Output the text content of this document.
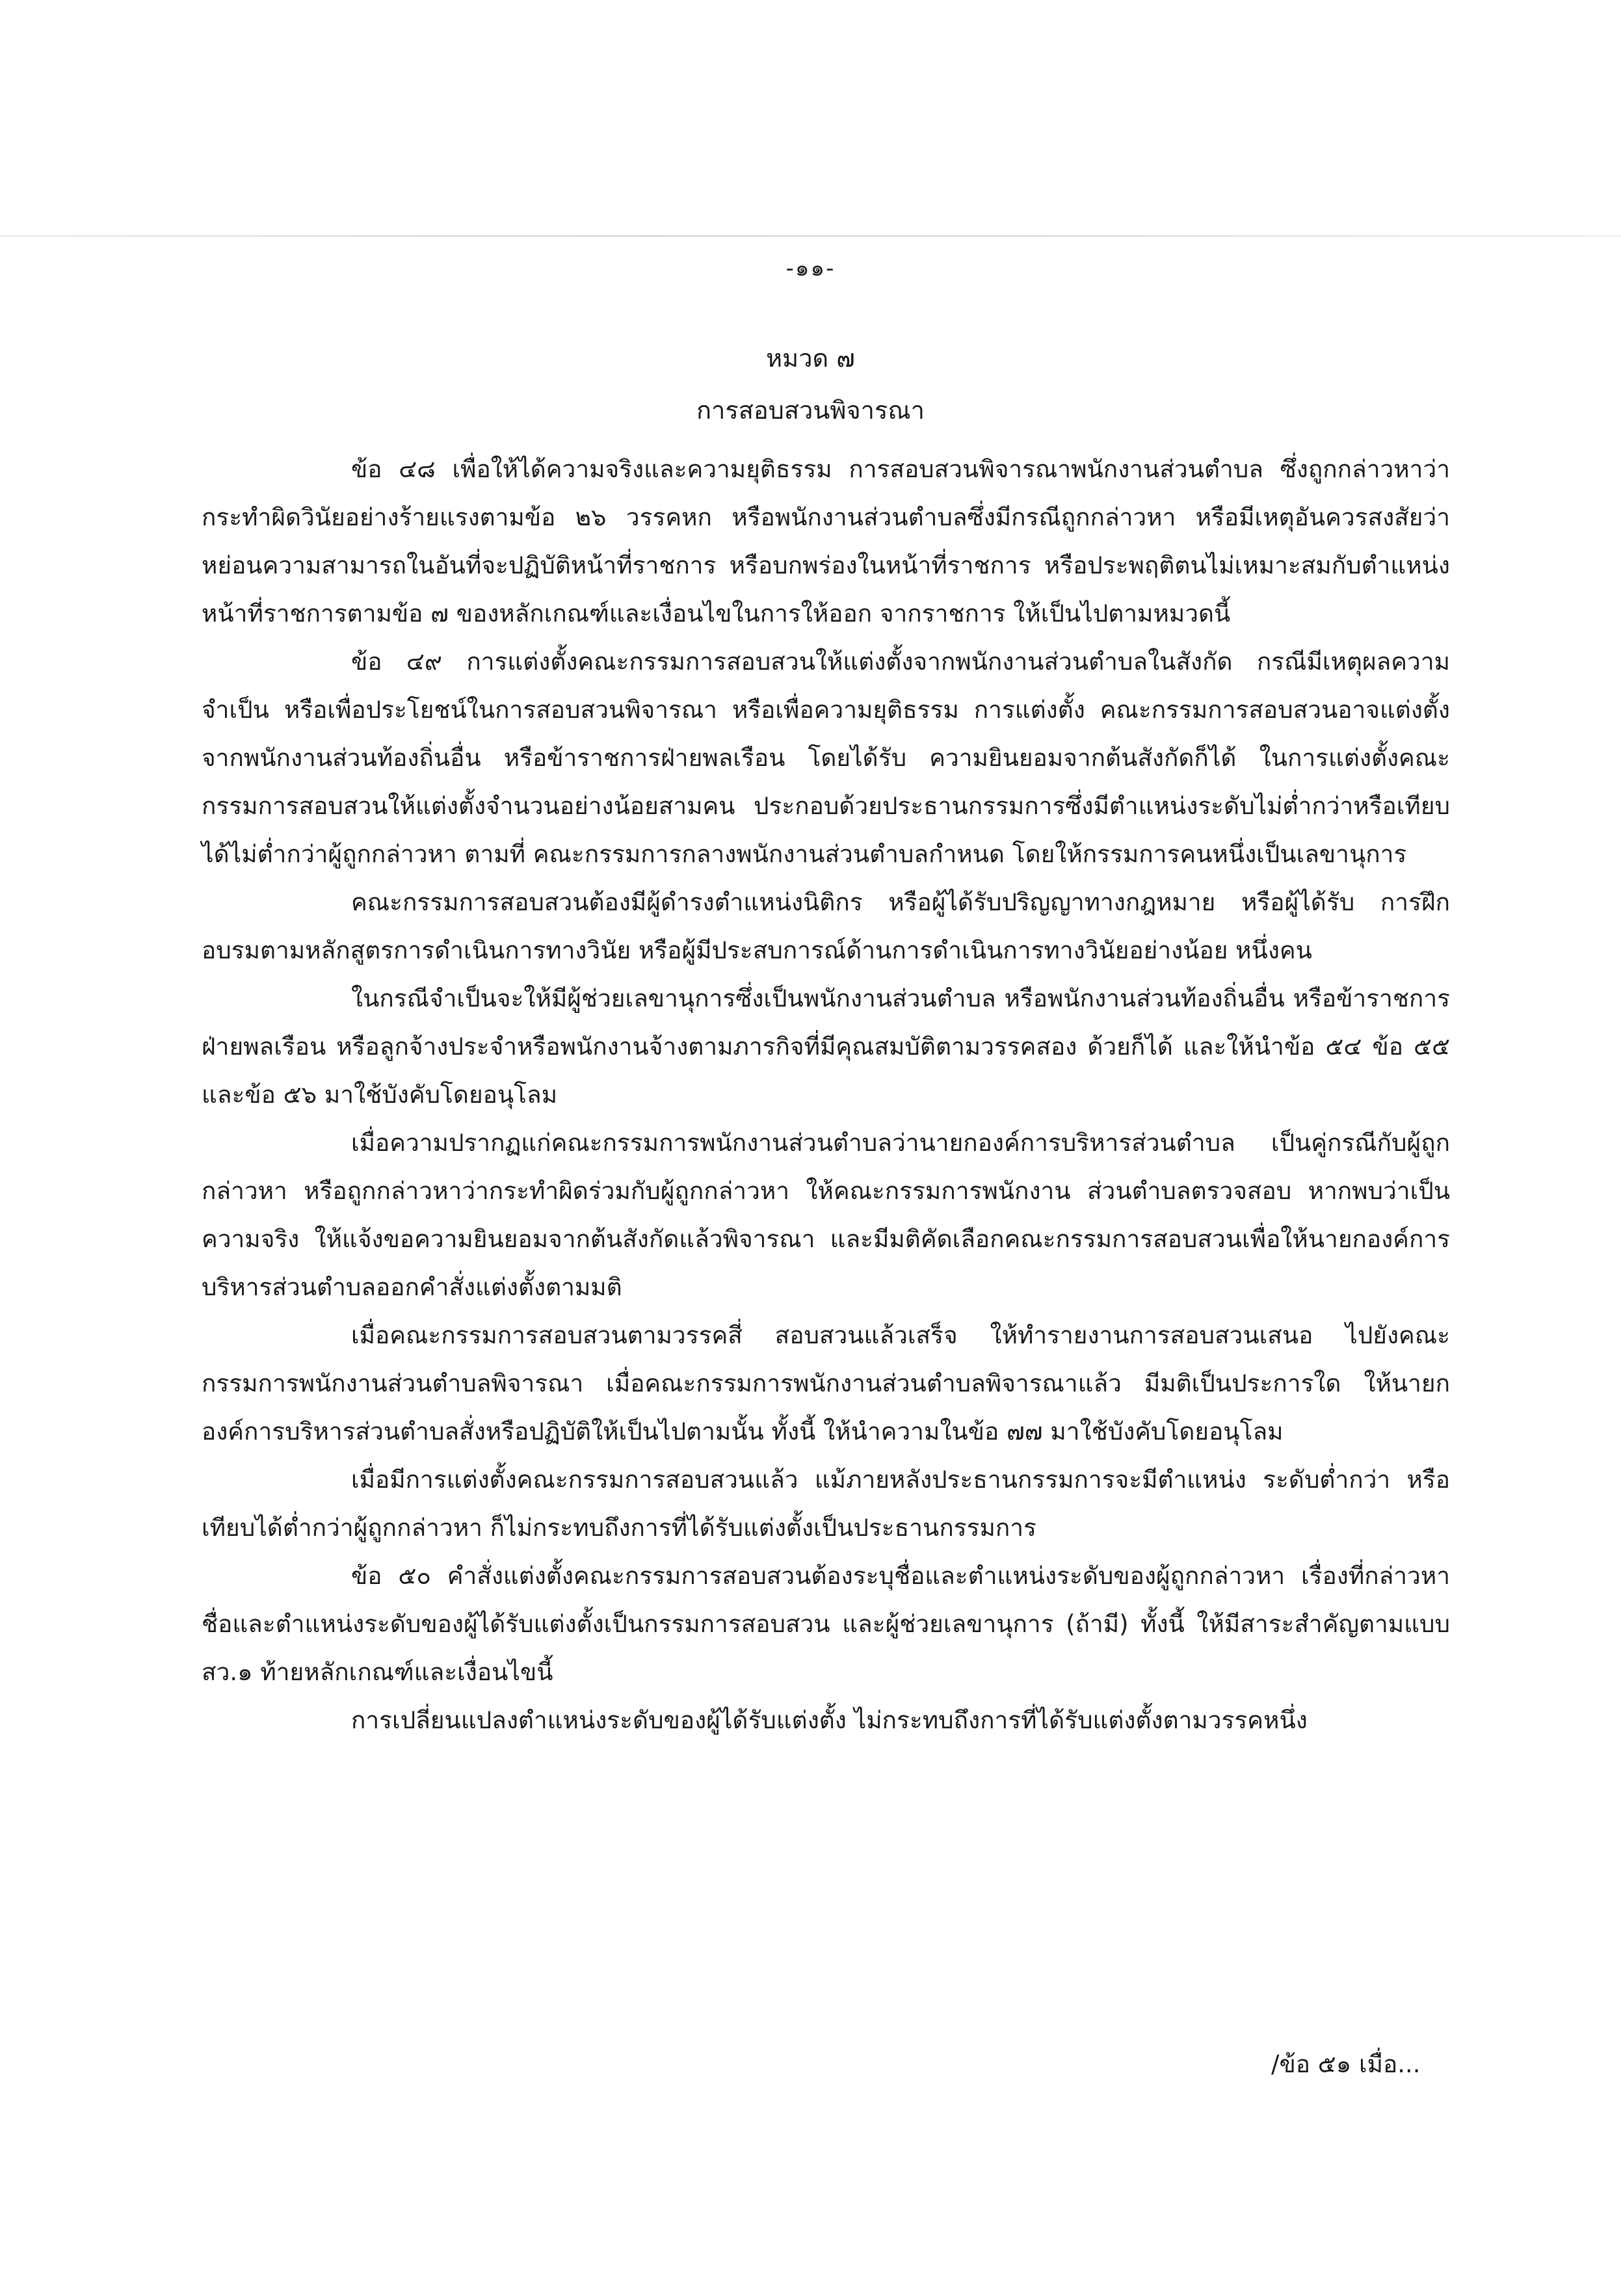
-๑๑-
หมวด ๗
การสอบสวนพิจารณา

ข้อ ๔๘ เพื่อให้ได้ความจริงและความยุติธรรม การสอบสวนพิจารณาพนักงานส่วนตำบล ซึ่งถูกกล่าวหาว่ากระทำผิดวินัยอย่างร้ายแรงตามข้อ ๒๖ วรรคหก หรือพนักงานส่วนตำบลซึ่งมีกรณีถูกกล่าวหา หรือมีเหตุอันควรสงสัยว่าหย่อนความสามารถในอันที่จะปฏิบัติหน้าที่ราชการ หรือบกพร่องในหน้าที่ราชการ หรือประพฤติตนไม่เหมาะสมกับตำแหน่งหน้าที่ราชการตามข้อ ๗ ของหลักเกณฑ์และเงื่อนไขในการให้ออก จากราชการ ให้เป็นไปตามหมวดนี้

ข้อ ๔๙ การแต่งตั้งคณะกรรมการสอบสวนให้แต่งตั้งจากพนักงานส่วนตำบลในสังกัด กรณีมีเหตุผลความจำเป็น หรือเพื่อประโยชน์ในการสอบสวนพิจารณา หรือเพื่อความยุติธรรม การแต่งตั้ง คณะกรรมการสอบสวนอาจแต่งตั้งจากพนักงานส่วนท้องถิ่นอื่น หรือข้าราชการฝ่ายพลเรือน โดยได้รับ ความยินยอมจากต้นสังกัดก็ได้ ในการแต่งตั้งคณะกรรมการสอบสวนให้แต่งตั้งจำนวนอย่างน้อยสามคน ประกอบด้วยประธานกรรมการซึ่งมีตำแหน่งระดับไม่ต่ำกว่าหรือเทียบได้ไม่ต่ำกว่าผู้ถูกกล่าวหา ตามที่ คณะกรรมการกลางพนักงานส่วนตำบลกำหนด โดยให้กรรมการคนหนึ่งเป็นเลขานุการ

คณะกรรมการสอบสวนต้องมีผู้ดำรงตำแหน่งนิติกร หรือผู้ได้รับปริญญาทางกฎหมาย หรือผู้ได้รับ การฝึกอบรมตามหลักสูตรการดำเนินการทางวินัย หรือผู้มีประสบการณ์ด้านการดำเนินการทางวินัยอย่างน้อย หนึ่งคน

ในกรณีจำเป็นจะให้มีผู้ช่วยเลขานุการซึ่งเป็นพนักงานส่วนตำบล หรือพนักงานส่วนท้องถิ่นอื่น หรือข้าราชการฝ่ายพลเรือน หรือลูกจ้างประจำหรือพนักงานจ้างตามภารกิจที่มีคุณสมบัติตามวรรคสอง ด้วยก็ได้ และให้นำข้อ ๕๔ ข้อ ๕๕ และข้อ ๕๖ มาใช้บังคับโดยอนุโลม

เมื่อความปรากฏแก่คณะกรรมการพนักงานส่วนตำบลว่านายกองค์การบริหารส่วนตำบล เป็นคู่กรณีกับผู้ถูกกล่าวหา หรือถูกกล่าวหาว่ากระทำผิดร่วมกับผู้ถูกกล่าวหา ให้คณะกรรมการพนักงาน ส่วนตำบลตรวจสอบ หากพบว่าเป็นความจริง ให้แจ้งขอความยินยอมจากต้นสังกัดแล้วพิจารณา และมีมติคัดเลือกคณะกรรมการสอบสวนเพื่อให้นายกองค์การบริหารส่วนตำบลออกคำสั่งแต่งตั้งตามมติ

เมื่อคณะกรรมการสอบสวนตามวรรคสี่ สอบสวนแล้วเสร็จ ให้ทำรายงานการสอบสวนเสนอ ไปยังคณะกรรมการพนักงานส่วนตำบลพิจารณา เมื่อคณะกรรมการพนักงานส่วนตำบลพิจารณาแล้ว มีมติเป็นประการใด ให้นายกองค์การบริหารส่วนตำบลสั่งหรือปฏิบัติให้เป็นไปตามนั้น ทั้งนี้ ให้นำความในข้อ ๗๗ มาใช้บังคับโดยอนุโลม

เมื่อมีการแต่งตั้งคณะกรรมการสอบสวนแล้ว แม้ภายหลังประธานกรรมการจะมีตำแหน่ง ระดับต่ำกว่า หรือเทียบได้ต่ำกว่าผู้ถูกกล่าวหา ก็ไม่กระทบถึงการที่ได้รับแต่งตั้งเป็นประธานกรรมการ

ข้อ ๕๐ คำสั่งแต่งตั้งคณะกรรมการสอบสวนต้องระบุชื่อและตำแหน่งระดับของผู้ถูกกล่าวหา เรื่องที่กล่าวหา ชื่อและตำแหน่งระดับของผู้ได้รับแต่งตั้งเป็นกรรมการสอบสวน และผู้ช่วยเลขานุการ (ถ้ามี) ทั้งนี้ ให้มีสาระสำคัญตามแบบ สว.๑ ท้ายหลักเกณฑ์และเงื่อนไขนี้

การเปลี่ยนแปลงตำแหน่งระดับของผู้ได้รับแต่งตั้ง ไม่กระทบถึงการที่ได้รับแต่งตั้งตามวรรคหนึ่ง

/ข้อ ๕๑ เมื่อ...
